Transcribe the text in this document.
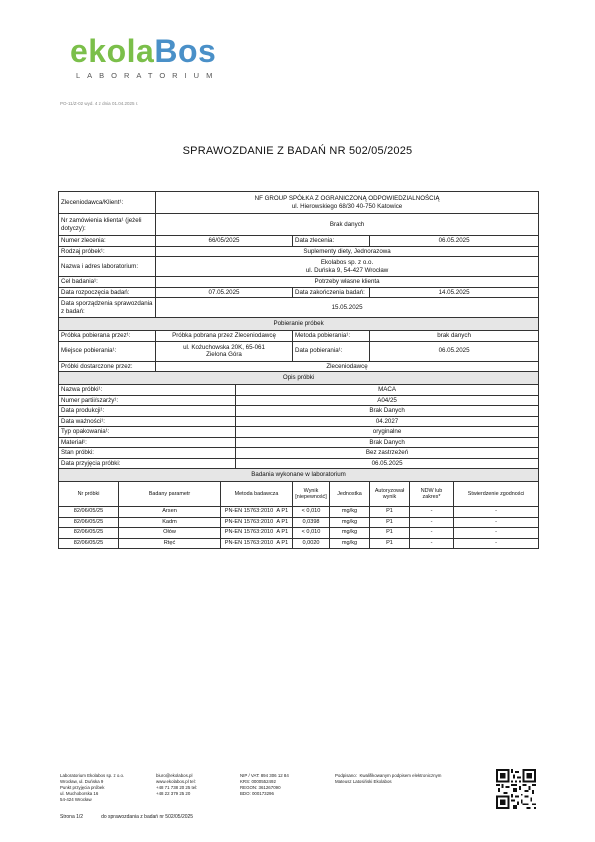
ekolaBos
LABORATORIUM
PO-11/Z-02 wyd. 4 z dnia 01.04.2025 r.
SPRAWOZDANIE Z BADAŃ NR 502/05/2025
Zleceniodawca/Klient¹:		NF GROUP SPÓŁKA Z OGRANICZONĄ ODPOWIEDZIALNOŚCIĄ
ul. Hierowskiego 68/30 40-750 Katowice							

Nr zamówienia klienta¹ (jeżeli dotyczy):		Brak danych							
Numer zlecenia:		66/05/2025			Data zlecenia:		06.05.2025		
Rodzaj próbek¹:		Suplementy diety, Jednorazowa							
Nazwa i adres laboratorium:		Ekolabos sp. z o.o.
ul. Duńska 9, 54-427 Wrocław							

Cel badania¹:		Potrzeby własne klienta							
Data rozpoczęcia badań:		07.05.2025			Data zakończenia badań:		14.05.2025		
Data sporządzenia sprawozdania z badań:		15.05.2025							
Pobieranie próbek									
Próbka pobierana przez¹:		Próbka pobrana przez Zleceniodawcę			Metoda pobierania¹:		brak danych		
Miejsce pobierania¹:		ul. Kożuchowska 20K, 65-061
Zielona Góra			Data pobierania¹:		06.05.2025		
Próbki dostarczone przez:		Zleceniodawcę							
Opis próbki									
Nazwa próbki¹:				MACA					
Numer partii/szarży¹:				A04/25					
Data produkcji¹:				Brak Danych					
Data ważności¹:				04.2027					
Typ opakowania¹:				oryginalne					
Materiał¹:				Brak Danych					
Stan próbki:				Bez zastrzeżeń					
Data przyjęcia próbki:				06.05.2025					
Badania wykonane w laboratorium									
Nr próbki	Badany parametr		Metoda badawcza		Wynik [niepewność]	Jednostka	Autoryzował wynik	NDW lub zakres*	Stwierdzenie zgodności
82/06/05/25	Arsen		PN-EN 15763:2010 A P1		< 0,010	mg/kg	P1	-	-
82/06/05/25	Kadm		PN-EN 15763:2010 A P1		0,0398	mg/kg	P1	-	-
82/06/05/25	Ołów		PN-EN 15763:2010 A P1		< 0,010	mg/kg	P1	-	-
82/06/05/25	Rtęć		PN-EN 15763:2010 A P1		0,0020	mg/kg	P1	-	-
Laboratorium Ekolabos sp. z o.o.
Wrocław, ul. Duńska 9
Punkt przyjęcia próbek
ul. Muchoborska 16
54-424 Wrocław
biuro@ekolabos.pl
www.ekolabos.pl tel:
+48 71 738 20 25 tel:
+48 22 379 25 20
NIP / VAT: 894 306 12 84
KRS: 0000552492
REGON: 361267090
BDO: 000173296
Podpisano: Kwalifikowanym podpisem elektronicznym
Mateusz Latosiński Ekolabos
Strona 1/2	do sprawozdania z badań nr 502/05/2025
